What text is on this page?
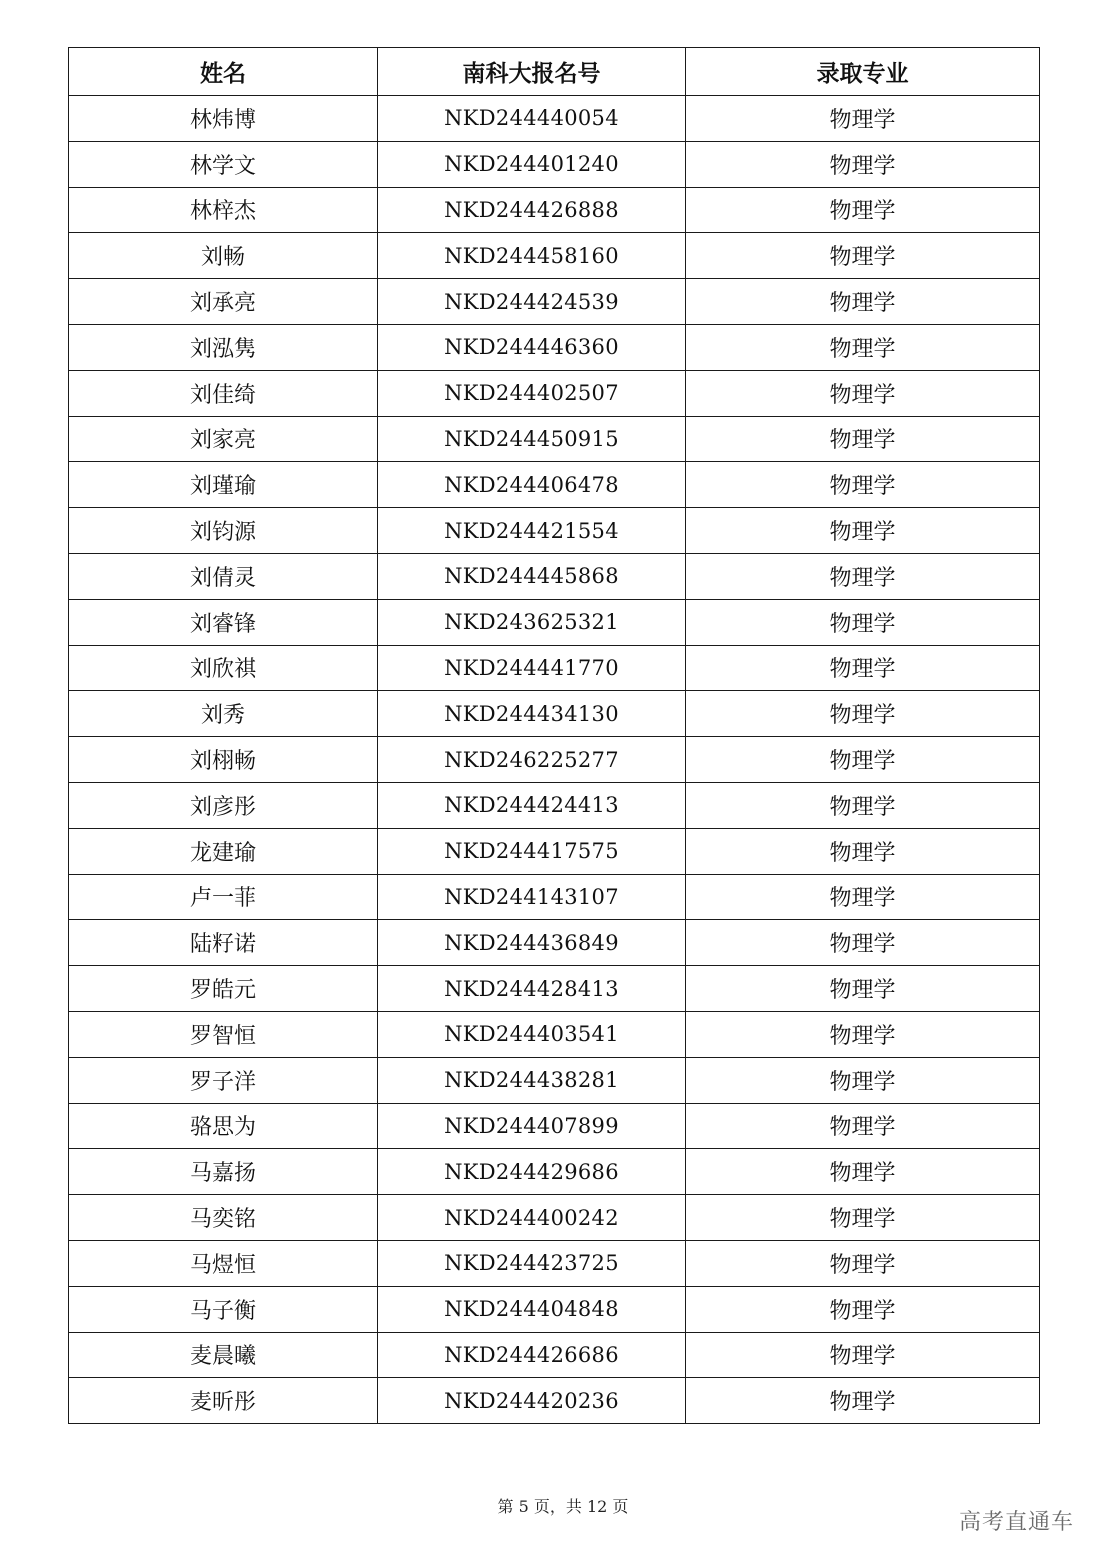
姓名	南科大报名号	录取专业
林炜博	NKD244440054	物理学
林学文	NKD244401240	物理学
林梓杰	NKD244426888	物理学
刘畅	NKD244458160	物理学
刘承亮	NKD244424539	物理学
刘泓隽	NKD244446360	物理学
刘佳绮	NKD244402507	物理学
刘家亮	NKD244450915	物理学
刘瑾瑜	NKD244406478	物理学
刘钧源	NKD244421554	物理学
刘倩灵	NKD244445868	物理学
刘睿锋	NKD243625321	物理学
刘欣祺	NKD244441770	物理学
刘秀	NKD244434130	物理学
刘栩畅	NKD246225277	物理学
刘彦彤	NKD244424413	物理学
龙建瑜	NKD244417575	物理学
卢一菲	NKD244143107	物理学
陆籽诺	NKD244436849	物理学
罗皓元	NKD244428413	物理学
罗智恒	NKD244403541	物理学
罗子洋	NKD244438281	物理学
骆思为	NKD244407899	物理学
马嘉扬	NKD244429686	物理学
马奕铭	NKD244400242	物理学
马煜恒	NKD244423725	物理学
马子衡	NKD244404848	物理学
麦晨曦	NKD244426686	物理学
麦昕彤	NKD244420236	物理学
第 5 页，共 12 页
高考直通车
